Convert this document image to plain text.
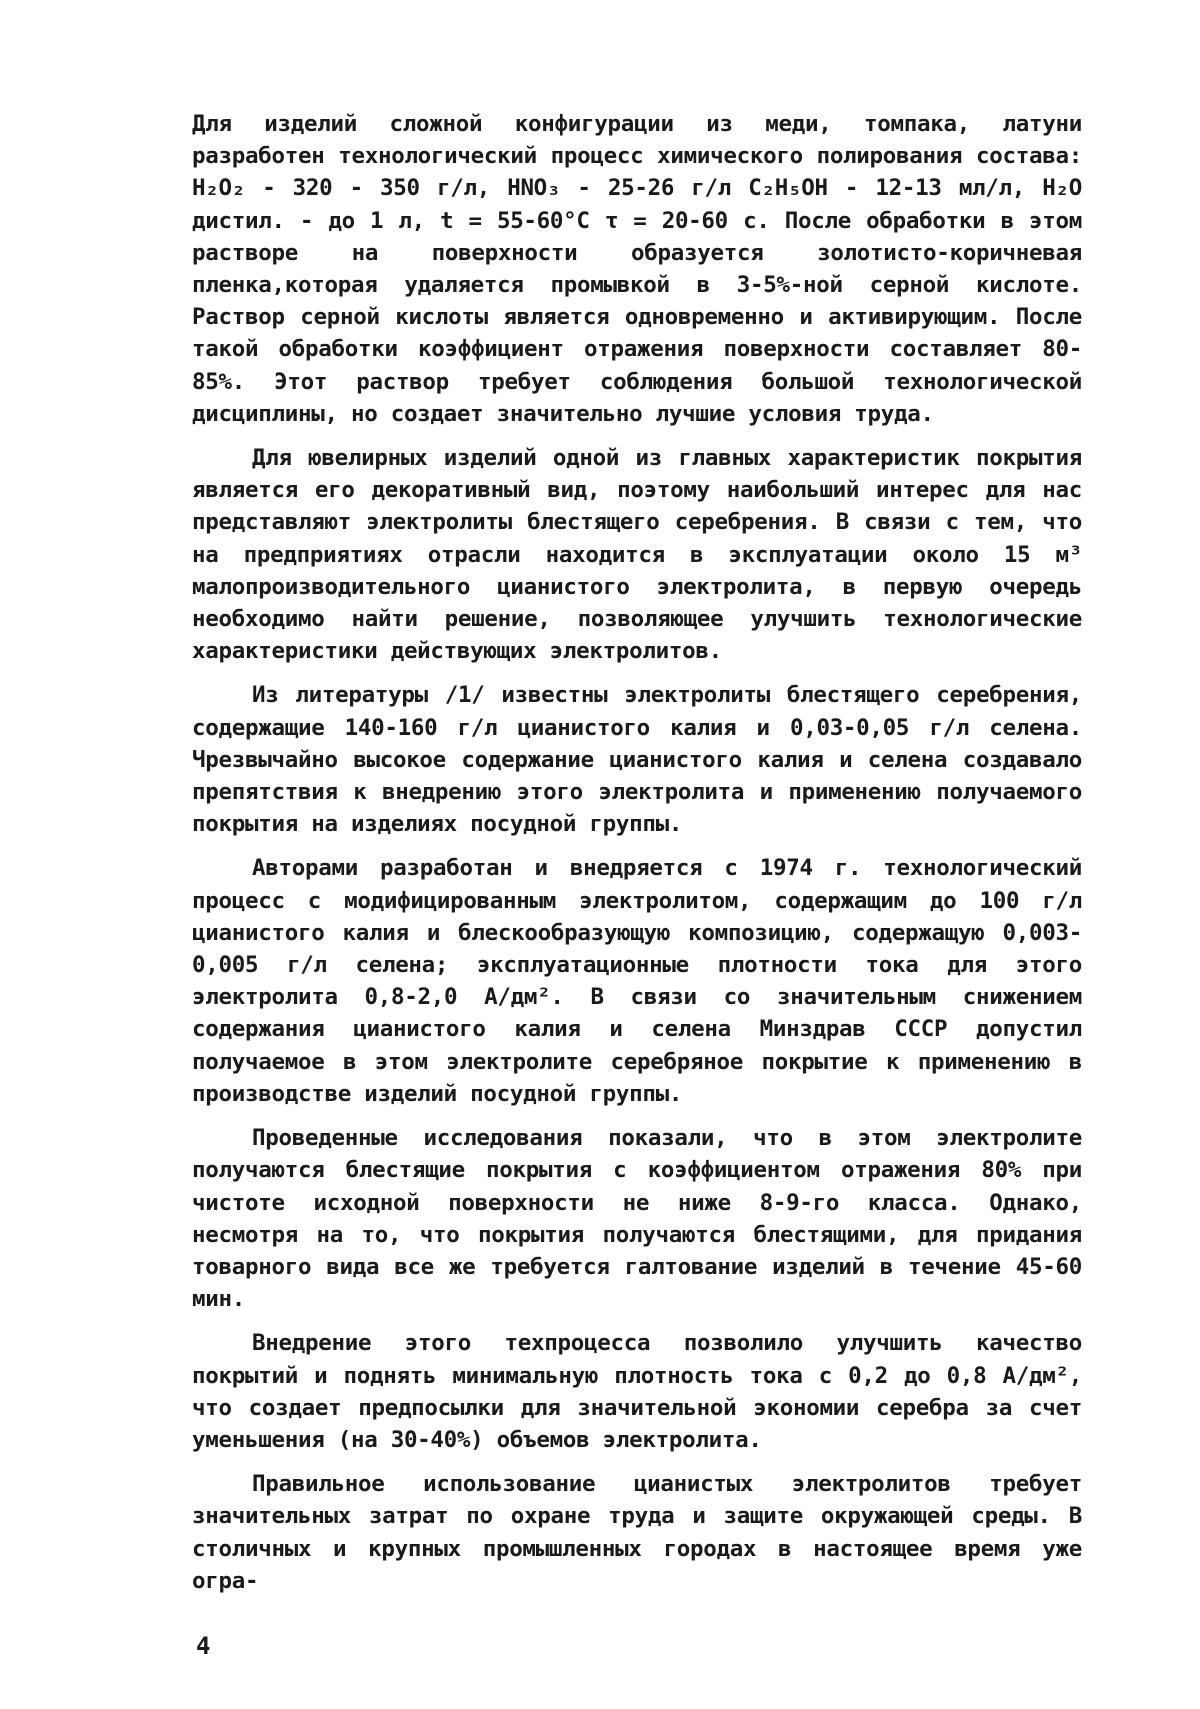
Для изделий сложной конфигурации из меди, томпака, латуни разработен технологический процесс химического полирования состава: H₂O₂ - 320 - 350 г/л, HNO₃ - 25-26 г/л C₂H₅OH - 12-13 мл/л, H₂O дистил. - до 1 л, t = 55-60°C τ = 20-60 с. После обработки в этом растворе на поверхности образуется золотисто-коричневая пленка,которая удаляется промывкой в 3-5%-ной серной кислоте. Раствор серной кислоты является одновременно и активирующим. После такой обработки коэффициент отражения поверхности составляет 80-85%. Этот раствор требует соблюдения большой технологической дисциплины, но создает значительно лучшие условия труда.

Для ювелирных изделий одной из главных характеристик покрытия является его декоративный вид, поэтому наибольший интерес для нас представляют электролиты блестящего серебрения. В связи с тем, что на предприятиях отрасли находится в эксплуатации около 15 м³ малопроизводительного цианистого электролита, в первую очередь необходимо найти решение, позволяющее улучшить технологические характеристики действующих электролитов.

Из литературы /1/ известны электролиты блестящего серебрения, содержащие 140-160 г/л цианистого калия и 0,03-0,05 г/л селена. Чрезвычайно высокое содержание цианистого калия и селена создавало препятствия к внедрению этого электролита и применению получаемого покрытия на изделиях посудной группы.

Авторами разработан и внедряется с 1974 г. технологический процесс с модифицированным электролитом, содержащим до 100 г/л цианистого калия и блескообразующую композицию, содержащую 0,003-0,005 г/л селена; эксплуатационные плотности тока для этого электролита 0,8-2,0 А/дм². В связи со значительным снижением содержания цианистого калия и селена Минздрав СССР допустил получаемое в этом электролите серебряное покрытие к применению в производстве изделий посудной группы.

Проведенные исследования показали, что в этом электролите получаются блестящие покрытия с коэффициентом отражения 80% при чистоте исходной поверхности не ниже 8-9-го класса. Однако, несмотря на то, что покрытия получаются блестящими, для придания товарного вида все же требуется галтование изделий в течение 45-60 мин.

Внедрение этого техпроцесса позволило улучшить качество покрытий и поднять минимальную плотность тока с 0,2 до 0,8 А/дм², что создает предпосылки для значительной экономии серебра за счет уменьшения (на 30-40%) объемов электролита.

Правильное использование цианистых электролитов требует значительных затрат по охране труда и защите окружающей среды. В столичных и крупных промышленных городах в настоящее время уже огра-

4
